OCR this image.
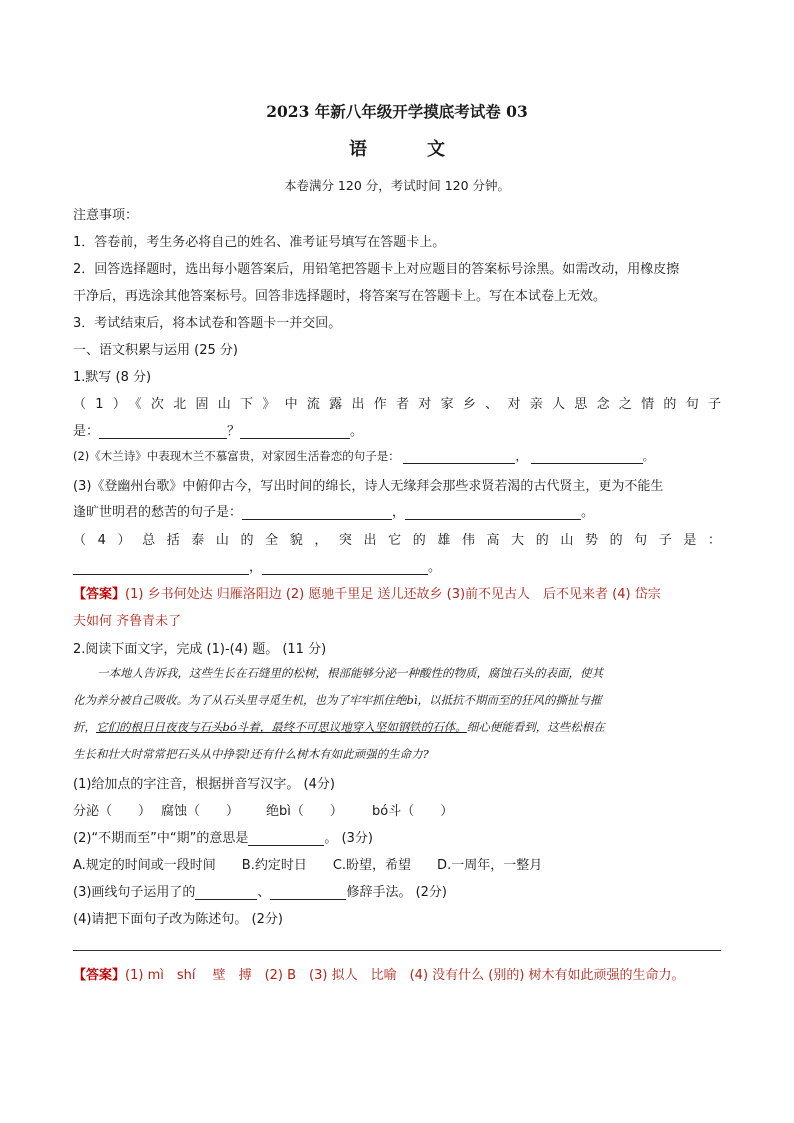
2023 年新八年级开学摸底考试卷 03
语文
本卷满分 120 分，考试时间 120 分钟。
注意事项：
1．答卷前，考生务必将自己的姓名、准考证号填写在答题卡上。
2．回答选择题时，选出每小题答案后，用铅笔把答题卡上对应题目的答案标号涂黑。如需改动，用橡皮擦
干净后，再选涂其他答案标号。回答非选择题时，将答案写在答题卡上。写在本试卷上无效。
3．考试结束后，将本试卷和答题卡一并交回。
一、语文积累与运用 (25 分)
1.默写 (8 分)
（1）《次北固山下》中流露出作者对家乡、对亲人思念之情的句子
是：	？	。
(2)《木兰诗》中表现木兰不慕富贵，对家园生活眷恋的句子是：	，	。
(3)《登幽州台歌》中俯仰古今，写出时间的绵长，诗人无缘拜会那些求贤若渴的古代贤主，更为不能生
逢旷世明君的愁苦的句子是：	，	。
（4）总括泰山的全貌，突出它的雄伟高大的山势的句子是：
，	。
【答案】(1) 乡书何处达 归雁洛阳边 (2) 愿驰千里足 送儿还故乡 (3)前不见古人　后不见来者 (4) 岱宗
夫如何 齐鲁青未了
2.阅读下面文字，完成 (1)-(4) 题。 (11 分)
一本地人告诉我，这些生长在石缝里的松树，根部能够分泌一种酸性的物质，腐蚀石头的表面，使其
化为养分被自己吸收。为了从石头里寻觅生机，也为了牢牢抓住绝bì，以抵抗不期而至的狂风的撕扯与摧
折，它们的根日日夜夜与石头bó斗着，最终不可思议地穿入坚如钢铁的石体。细心便能看到，这些松根在
生长和壮大时常常把石头从中挣裂!还有什么树木有如此顽强的生命力?
(1)给加点的字注音，根据拼音写汉字。 (4分)
分泌（　　） 腐蚀（　　） 绝bì（　　） bó斗（　　）
(2)“不期而至”中“期”的意思是	。 (3分)
A.规定的时间或一段时间　　B.约定时日　　C.盼望，希望　　D.一周年，一整月
(3)画线句子运用了的	、	修辞手法。 (2分)
(4)请把下面句子改为陈述句。 (2分)
【答案】(1) mì　shí　 壁　搏　(2) B　(3) 拟人　比喻　(4) 没有什么 (别的) 树木有如此顽强的生命力。
